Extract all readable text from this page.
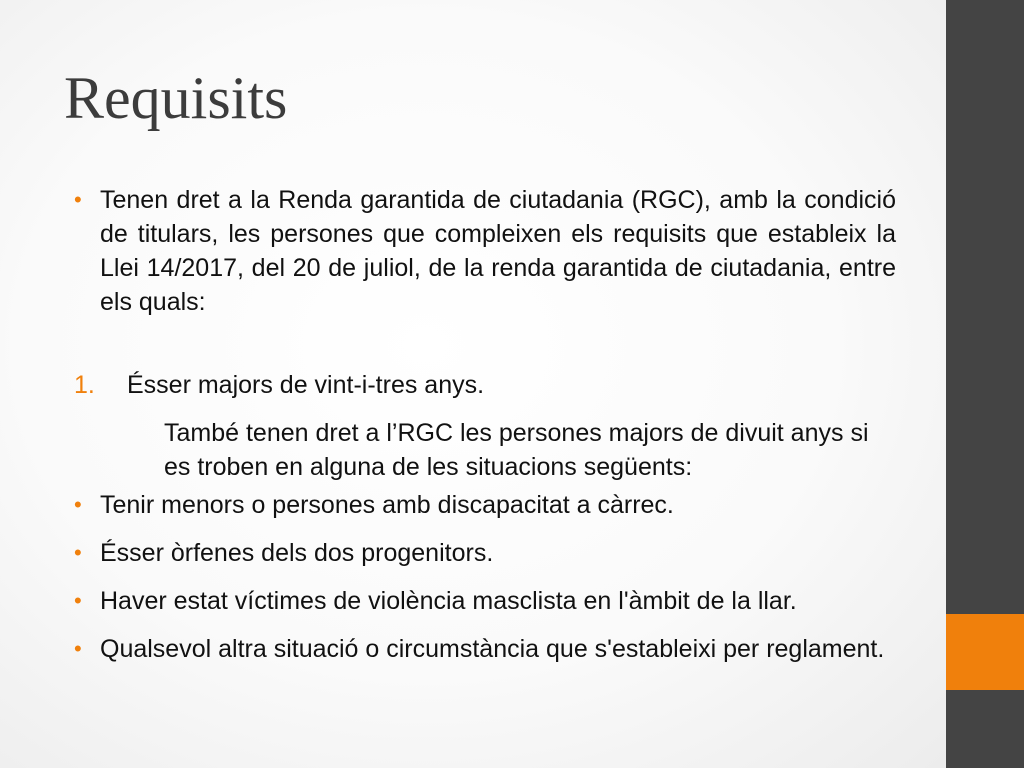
Requisits
• Tenen dret a la Renda garantida de ciutadania (RGC), amb la condició de titulars, les persones que compleixen els requisits que estableix la Llei 14/2017, del 20 de juliol, de la renda garantida de ciutadania, entre els quals:
1. Ésser majors de vint-i-tres anys.
També tenen dret a l’RGC les persones majors de divuit anys si es troben en alguna de les situacions següents:
• Tenir menors o persones amb discapacitat a càrrec.
• Ésser òrfenes dels dos progenitors.
• Haver estat víctimes de violència masclista en l'àmbit de la llar.
• Qualsevol altra situació o circumstància que s'estableixi per reglament.
